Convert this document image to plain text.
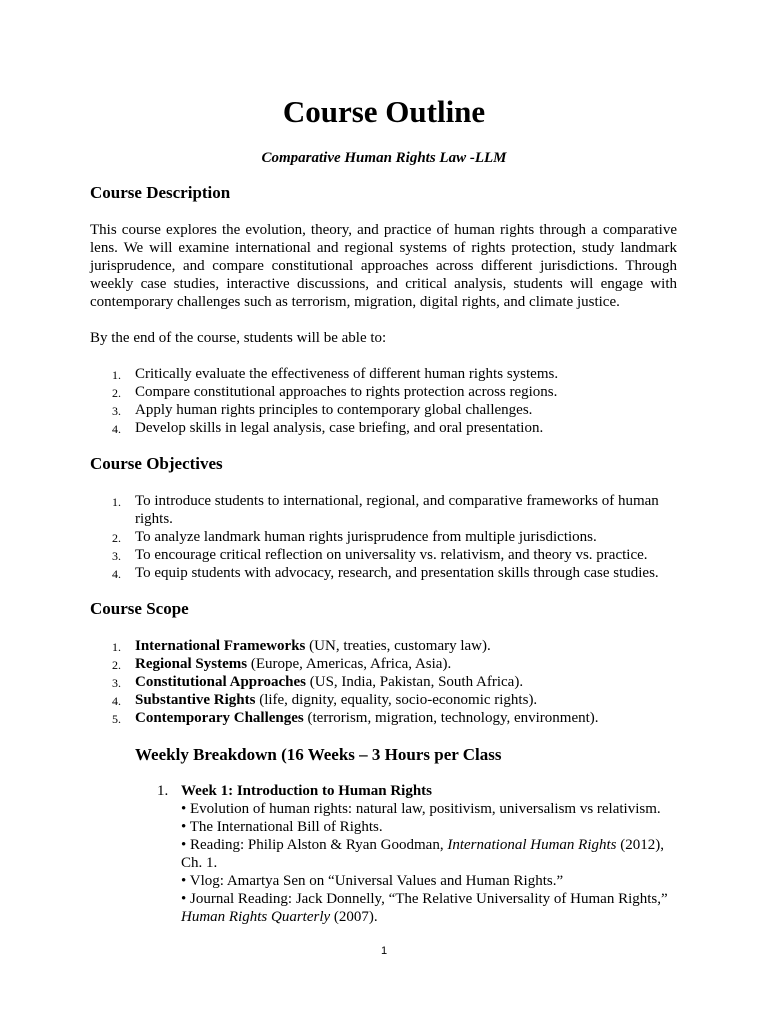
Course Outline

Comparative Human Rights Law -LLM

Course Description

This course explores the evolution, theory, and practice of human rights through a comparative lens. We will examine international and regional systems of rights protection, study landmark jurisprudence, and compare constitutional approaches across different jurisdictions. Through weekly case studies, interactive discussions, and critical analysis, students will engage with contemporary challenges such as terrorism, migration, digital rights, and climate justice.

By the end of the course, students will be able to:

1. Critically evaluate the effectiveness of different human rights systems.
2. Compare constitutional approaches to rights protection across regions.
3. Apply human rights principles to contemporary global challenges.
4. Develop skills in legal analysis, case briefing, and oral presentation.
Course Objectives
1. To introduce students to international, regional, and comparative frameworks of human rights.
2. To analyze landmark human rights jurisprudence from multiple jurisdictions.
3. To encourage critical reflection on universality vs. relativism, and theory vs. practice.
4. To equip students with advocacy, research, and presentation skills through case studies.
Course Scope
1. International Frameworks (UN, treaties, customary law).
2. Regional Systems (Europe, Americas, Africa, Asia).
3. Constitutional Approaches (US, India, Pakistan, South Africa).
4. Substantive Rights (life, dignity, equality, socio-economic rights).
5. Contemporary Challenges (terrorism, migration, technology, environment).
Weekly Breakdown (16 Weeks – 3 Hours per Class
1. Week 1: Introduction to Human Rights
• Evolution of human rights: natural law, positivism, universalism vs relativism.
• The International Bill of Rights.
• Reading: Philip Alston & Ryan Goodman, International Human Rights (2012), Ch. 1.
• Vlog: Amartya Sen on “Universal Values and Human Rights.”
• Journal Reading: Jack Donnelly, “The Relative Universality of Human Rights,” Human Rights Quarterly (2007).
1
